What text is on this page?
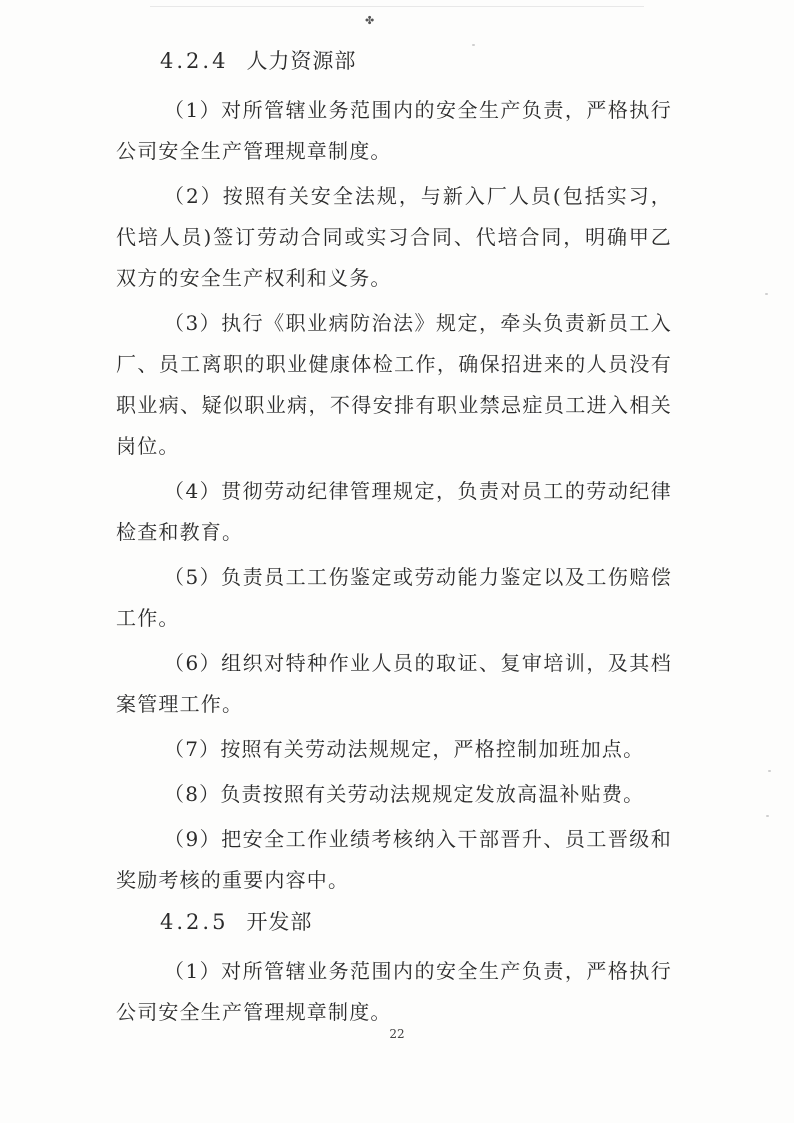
✤
4.2.4 人力资源部

（1）对所管辖业务范围内的安全生产负责，严格执行公司安全生产管理规章制度。

（2）按照有关安全法规，与新入厂人员(包括实习，代培人员)签订劳动合同或实习合同、代培合同，明确甲乙双方的安全生产权利和义务。

（3）执行《职业病防治法》规定，牵头负责新员工入厂、员工离职的职业健康体检工作，确保招进来的人员没有职业病、疑似职业病，不得安排有职业禁忌症员工进入相关岗位。

（4）贯彻劳动纪律管理规定，负责对员工的劳动纪律检查和教育。

（5）负责员工工伤鉴定或劳动能力鉴定以及工伤赔偿工作。

（6）组织对特种作业人员的取证、复审培训，及其档案管理工作。

（7）按照有关劳动法规规定，严格控制加班加点。

（8）负责按照有关劳动法规规定发放高温补贴费。

（9）把安全工作业绩考核纳入干部晋升、员工晋级和奖励考核的重要内容中。

4.2.5 开发部

（1）对所管辖业务范围内的安全生产负责，严格执行公司安全生产管理规章制度。

22
